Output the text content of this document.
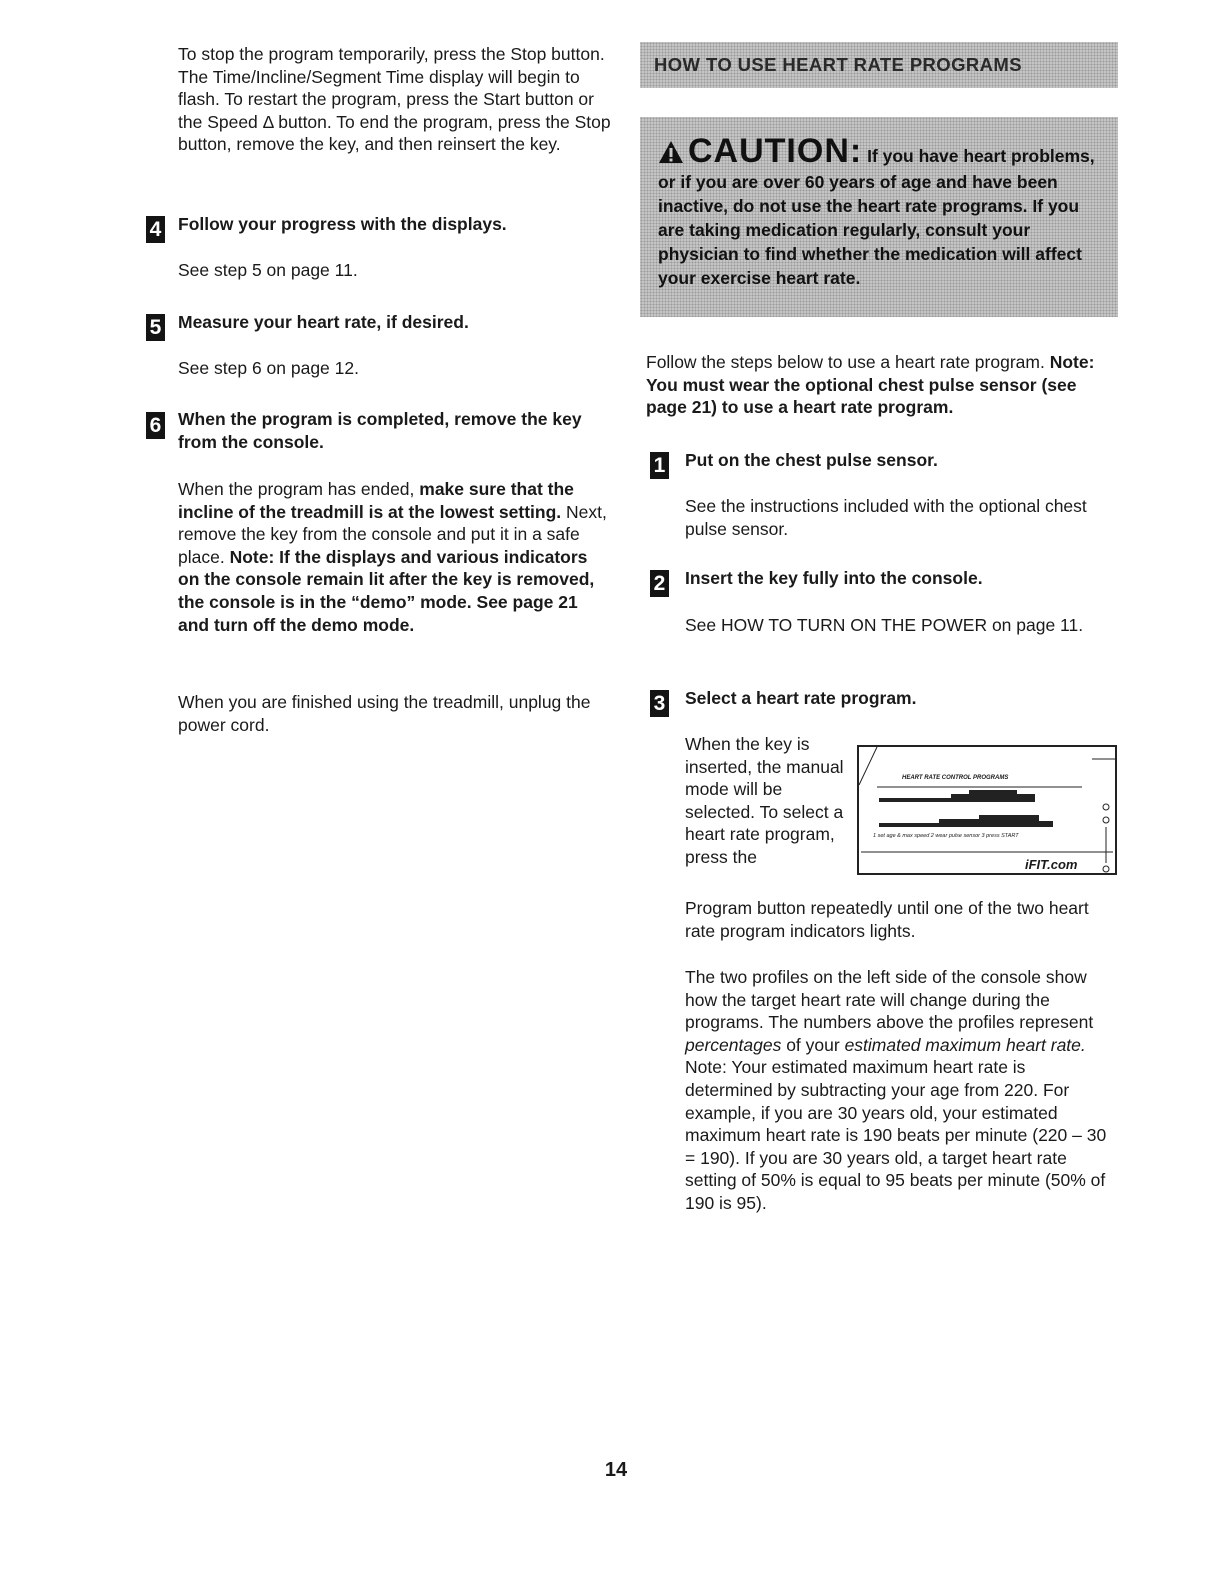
To stop the program temporarily, press the Stop button. The Time/Incline/Segment Time display will begin to flash. To restart the program, press the Start button or the Speed Δ button. To end the program, press the Stop button, remove the key, and then reinsert the key.

4 Follow your progress with the displays.

See step 5 on page 11.

5 Measure your heart rate, if desired.

See step 6 on page 12.

6 When the program is completed, remove the key from the console.

When the program has ended, make sure that the incline of the treadmill is at the lowest setting. Next, remove the key from the console and put it in a safe place. Note: If the displays and various indicators on the console remain lit after the key is removed, the console is in the “demo” mode. See page 21 and turn off the demo mode.

When you are finished using the treadmill, unplug the power cord.

HOW TO USE HEART RATE PROGRAMS
CAUTION: If you have heart problems, or if you are over 60 years of age and have been inactive, do not use the heart rate programs. If you are taking medication regularly, consult your physician to find whether the medication will affect your exercise heart rate.

Follow the steps below to use a heart rate program. Note: You must wear the optional chest pulse sensor (see page 21) to use a heart rate program.

1 Put on the chest pulse sensor.

See the instructions included with the optional chest pulse sensor.

2 Insert the key fully into the console.

See HOW TO TURN ON THE POWER on page 11.

3 Select a heart rate program.

When the key is inserted, the manual mode will be selected. To select a heart rate program, press the

Program button repeatedly until one of the two heart rate program indicators lights.

HEART RATE CONTROL PROGRAMS
1 set age & max speed 2 wear pulse sensor 3 press START
iFIT.com

The two profiles on the left side of the console show how the target heart rate will change during the programs. The numbers above the profiles represent percentages of your estimated maximum heart rate. Note: Your estimated maximum heart rate is determined by subtracting your age from 220. For example, if you are 30 years old, your estimated maximum heart rate is 190 beats per minute (220 – 30 = 190). If you are 30 years old, a target heart rate setting of 50% is equal to 95 beats per minute (50% of 190 is 95).

14
